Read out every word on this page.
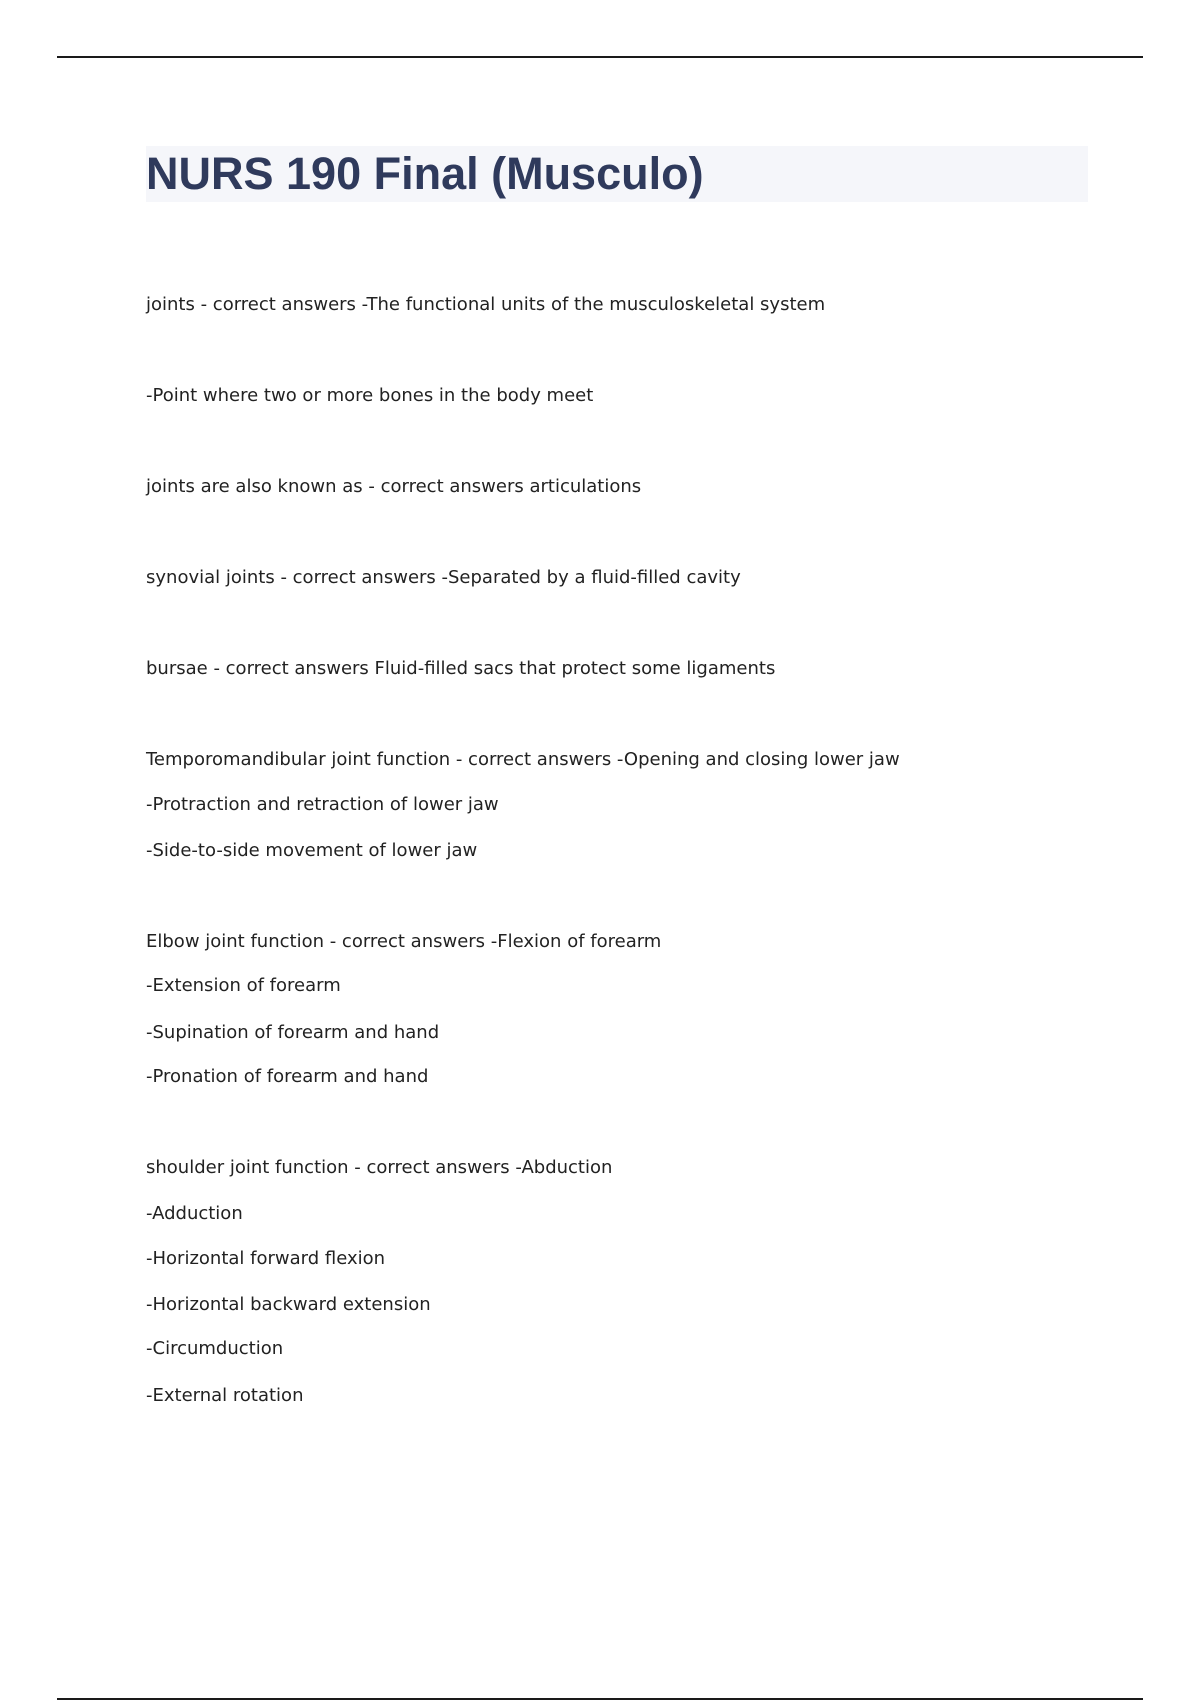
NURS 190 Final (Musculo)

joints - correct answers -The functional units of the musculoskeletal system

-Point where two or more bones in the body meet

joints are also known as - correct answers articulations

synovial joints - correct answers -Separated by a fluid-filled cavity

bursae - correct answers Fluid-filled sacs that protect some ligaments

Temporomandibular joint function - correct answers -Opening and closing lower jaw

-Protraction and retraction of lower jaw

-Side-to-side movement of lower jaw

Elbow joint function - correct answers -Flexion of forearm

-Extension of forearm

-Supination of forearm and hand

-Pronation of forearm and hand

shoulder joint function - correct answers -Abduction

-Adduction

-Horizontal forward flexion

-Horizontal backward extension

-Circumduction

-External rotation
